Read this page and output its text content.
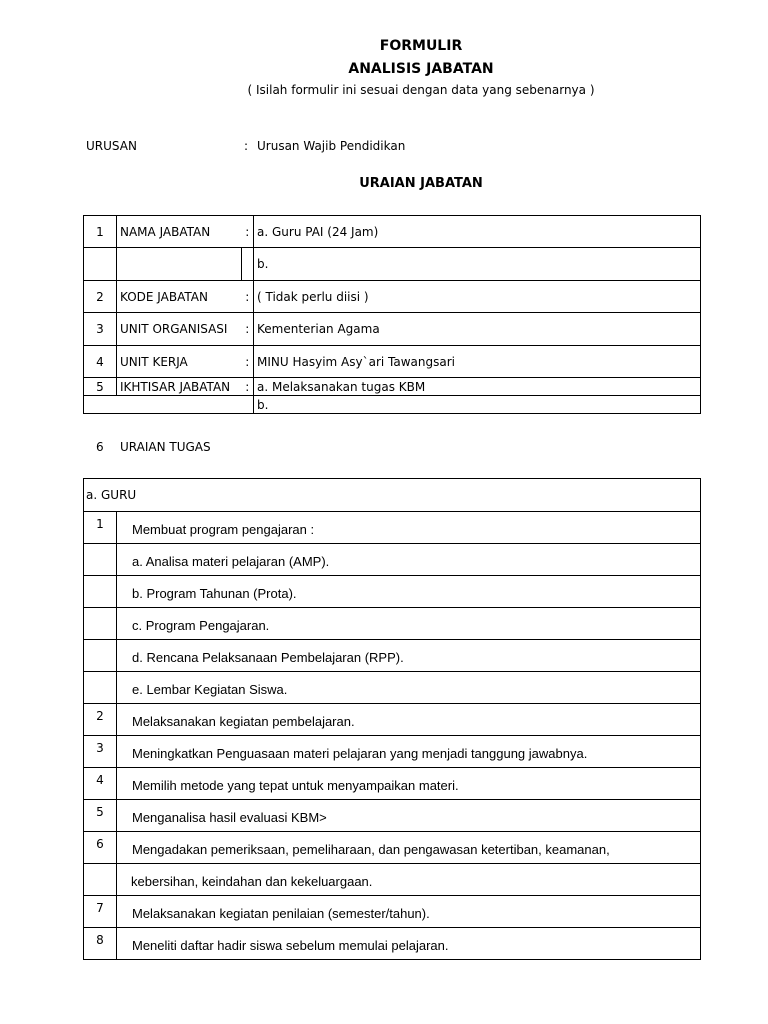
FORMULIR
ANALISIS JABATAN
( Isilah formulir ini sesuai dengan data yang sebenarnya )
URUSAN	: Urusan Wajib Pendidikan
URAIAN JABATAN
1	NAMA JABATAN	:	a. Guru PAI (24 Jam)
			b.
2	KODE JABATAN	:	( Tidak perlu diisi )
3	UNIT ORGANISASI	:	Kementerian Agama
4	UNIT KERJA	:	MINU Hasyim Asy`ari Tawangsari
5	IKHTISAR JABATAN	:	a. Melaksanakan tugas KBM
			b.
6 URAIAN TUGAS
a. GURU	
1	Membuat program pengajaran :
	a. Analisa materi pelajaran (AMP).
	b. Program Tahunan (Prota).
	c. Program Pengajaran.
	d. Rencana Pelaksanaan Pembelajaran (RPP).
	e. Lembar Kegiatan Siswa.
2	Melaksanakan kegiatan pembelajaran.
3	Meningkatkan Penguasaan materi pelajaran yang menjadi tanggung jawabnya.
4	Memilih metode yang tepat untuk menyampaikan materi.
5	Menganalisa hasil evaluasi KBM>
6	Mengadakan pemeriksaan, pemeliharaan, dan pengawasan ketertiban, keamanan,
	kebersihan, keindahan dan kekeluargaan.
7	Melaksanakan kegiatan penilaian (semester/tahun).
8	Meneliti daftar hadir siswa sebelum memulai pelajaran.
